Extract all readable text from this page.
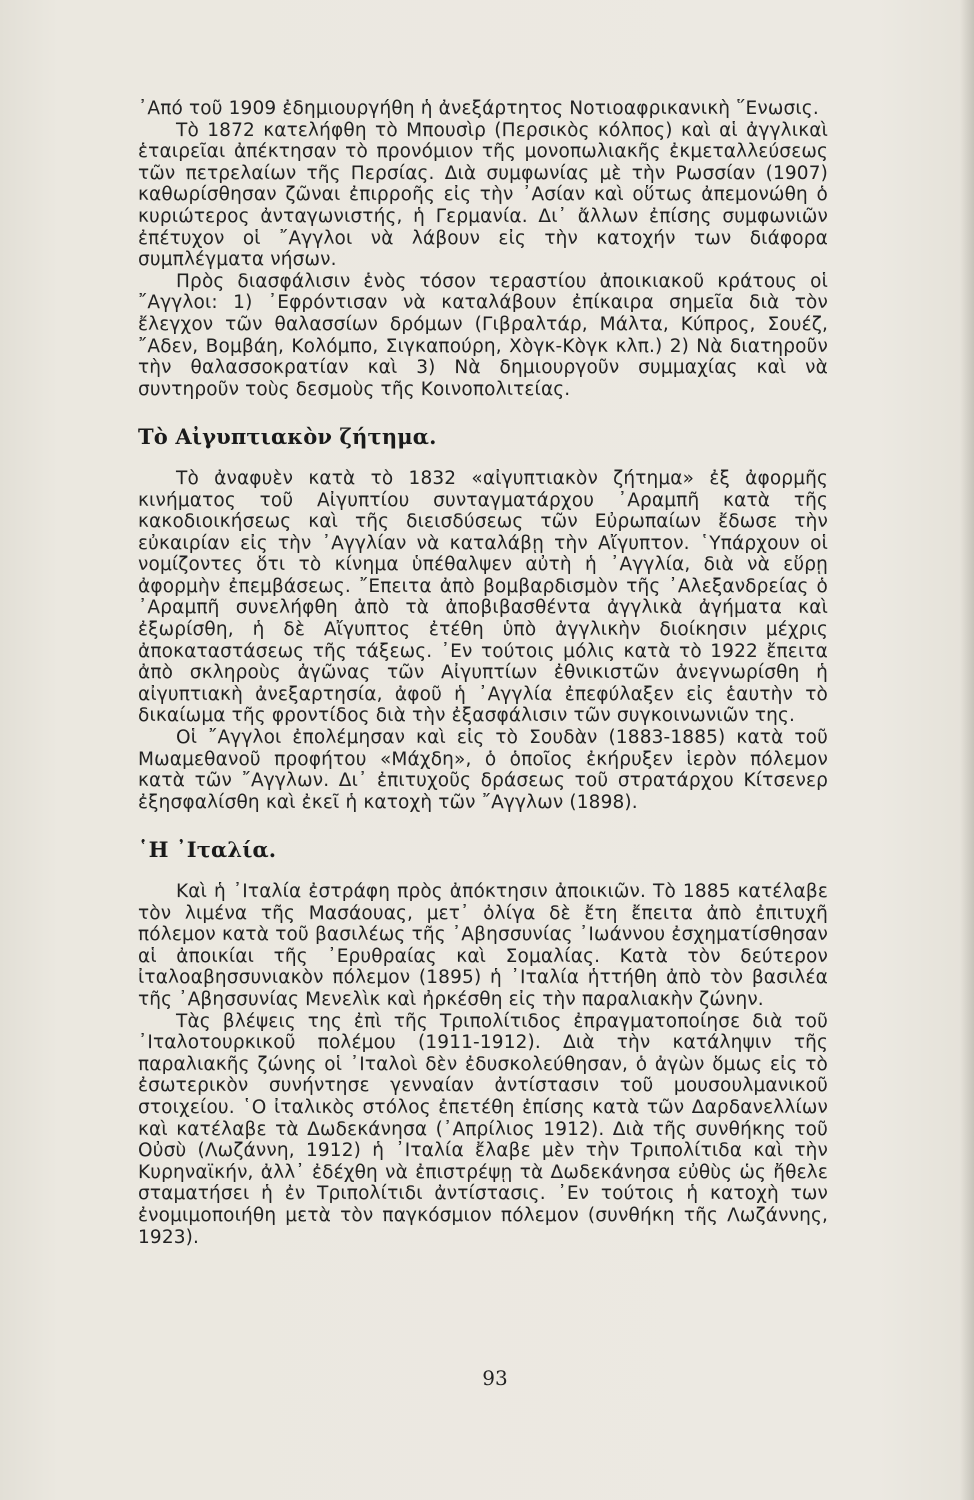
᾿Από τοῦ 1909 ἐδημιουργήθη ἡ ἀνεξάρτητος Νοτιοαφρικανικὴ ῞Ενωσις.

Τὸ 1872 κατελήφθη τὸ Μπουσὶρ (Περσικὸς κόλπος) καὶ αἱ ἀγγλικαὶ ἑταιρεῖαι ἀπέκτησαν τὸ προνόμιον τῆς μονοπωλιακῆς ἐκμεταλλεύσεως τῶν πετρελαίων τῆς Περσίας. Διὰ συμφωνίας μὲ τὴν Ρωσσίαν (1907) καθωρίσθησαν ζῶναι ἐπιρροῆς εἰς τὴν ᾿Ασίαν καὶ οὕτως ἀπεμονώθη ὁ κυριώτερος ἀνταγωνιστής, ἡ Γερμανία. Δι᾿ ἄλλων ἐπίσης συμφωνιῶν ἐπέτυχον οἱ ῎Αγγλοι νὰ λάβουν εἰς τὴν κατοχήν των διάφορα συμπλέγματα νήσων.

Πρὸς διασφάλισιν ἑνὸς τόσον τεραστίου ἀποικιακοῦ κράτους οἱ ῎Αγγλοι: 1) ᾿Εφρόντισαν νὰ καταλάβουν ἐπίκαιρα σημεῖα διὰ τὸν ἔλεγχον τῶν θαλασσίων δρόμων (Γιβραλτάρ, Μάλτα, Κύπρος, Σουέζ, ῎Αδεν, Βομβάη, Κολόμπο, Σιγκαπούρη, Χὸγκ-Κὸγκ κλπ.) 2) Νὰ διατηροῦν τὴν θαλασσοκρατίαν καὶ 3) Νὰ δημιουργοῦν συμμαχίας καὶ νὰ συντηροῦν τοὺς δεσμοὺς τῆς Κοινοπολιτείας.

Τὸ Αἰγυπτιακὸν ζήτημα.

Τὸ ἀναφυὲν κατὰ τὸ 1832 «αἰγυπτιακὸν ζήτημα» ἐξ ἀφορμῆς κινήματος τοῦ Αἰγυπτίου συνταγματάρχου ᾿Αραμπῆ κατὰ τῆς κακοδιοικήσεως καὶ τῆς διεισδύσεως τῶν Εὐρωπαίων ἔδωσε τὴν εὐκαιρίαν εἰς τὴν ᾿Αγγλίαν νὰ καταλάβῃ τὴν Αἴγυπτον. ῾Υπάρχουν οἱ νομίζοντες ὅτι τὸ κίνημα ὑπέθαλψεν αὐτὴ ἡ ᾿Αγγλία, διὰ νὰ εὕρῃ ἀφορμὴν ἐπεμβάσεως. ῎Επειτα ἀπὸ βομβαρδισμὸν τῆς ᾿Αλεξανδρείας ὁ ᾿Αραμπῆ συνελήφθη ἀπὸ τὰ ἀποβιβασθέντα ἀγγλικὰ ἀγήματα καὶ ἐξωρίσθη, ἡ δὲ Αἴγυπτος ἐτέθη ὑπὸ ἀγγλικὴν διοίκησιν μέχρις ἀποκαταστάσεως τῆς τάξεως. ᾿Εν τούτοις μόλις κατὰ τὸ 1922 ἔπειτα ἀπὸ σκληροὺς ἀγῶνας τῶν Αἰγυπτίων ἐθνικιστῶν ἀνεγνωρίσθη ἡ αἰγυπτιακὴ ἀνεξαρτησία, ἀφοῦ ἡ ᾿Αγγλία ἐπεφύλαξεν εἰς ἑαυτὴν τὸ δικαίωμα τῆς φροντίδος διὰ τὴν ἐξασφάλισιν τῶν συγκοινωνιῶν της.

Οἱ ῎Αγγλοι ἐπολέμησαν καὶ εἰς τὸ Σουδὰν (1883-1885) κατὰ τοῦ Μωαμεθανοῦ προφήτου «Μάχδη», ὁ ὁποῖος ἐκήρυξεν ἱερὸν πόλεμον κατὰ τῶν ῎Αγγλων. Δι᾿ ἐπιτυχοῦς δράσεως τοῦ στρατάρχου Κίτσενερ ἐξησφαλίσθη καὶ ἐκεῖ ἡ κατοχὴ τῶν ῎Αγγλων (1898).

῾Η ᾿Ιταλία.

Καὶ ἡ ᾿Ιταλία ἐστράφη πρὸς ἀπόκτησιν ἀποικιῶν. Τὸ 1885 κατέλαβε τὸν λιμένα τῆς Μασάουας, μετ᾿ ὀλίγα δὲ ἔτη ἔπειτα ἀπὸ ἐπιτυχῆ πόλεμον κατὰ τοῦ βασιλέως τῆς ᾿Αβησσυνίας ᾿Ιωάννου ἐσχηματίσθησαν αἱ ἀποικίαι τῆς ᾿Ερυθραίας καὶ Σομαλίας. Κατὰ τὸν δεύτερον ἰταλοαβησσυνιακὸν πόλεμον (1895) ἡ ᾿Ιταλία ἡττήθη ἀπὸ τὸν βασιλέα τῆς ᾿Αβησσυνίας Μενελὶκ καὶ ἠρκέσθη εἰς τὴν παραλιακὴν ζώνην.

Τὰς βλέψεις της ἐπὶ τῆς Τριπολίτιδος ἐπραγματοποίησε διὰ τοῦ ᾿Ιταλοτουρκικοῦ πολέμου (1911-1912). Διὰ τὴν κατάληψιν τῆς παραλιακῆς ζώνης οἱ ᾿Ιταλοὶ δὲν ἐδυσκολεύθησαν, ὁ ἀγὼν ὅμως εἰς τὸ ἐσωτερικὸν συνήντησε γενναίαν ἀντίστασιν τοῦ μουσουλμανικοῦ στοιχείου. ῾Ο ἰταλικὸς στόλος ἐπετέθη ἐπίσης κατὰ τῶν Δαρδανελλίων καὶ κατέλαβε τὰ Δωδεκάνησα (᾿Απρίλιος 1912). Διὰ τῆς συνθήκης τοῦ Οὐσὺ (Λωζάννη, 1912) ἡ ᾿Ιταλία ἔλαβε μὲν τὴν Τριπολίτιδα καὶ τὴν Κυρηναϊκήν, ἀλλ᾿ ἐδέχθη νὰ ἐπιστρέψῃ τὰ Δωδεκάνησα εὐθὺς ὡς ἤθελε σταματήσει ἡ ἐν Τριπολίτιδι ἀντίστασις. ᾿Εν τούτοις ἡ κατοχὴ των ἐνομιμοποιήθη μετὰ τὸν παγκόσμιον πόλεμον (συνθήκη τῆς Λωζάννης, 1923).

93
